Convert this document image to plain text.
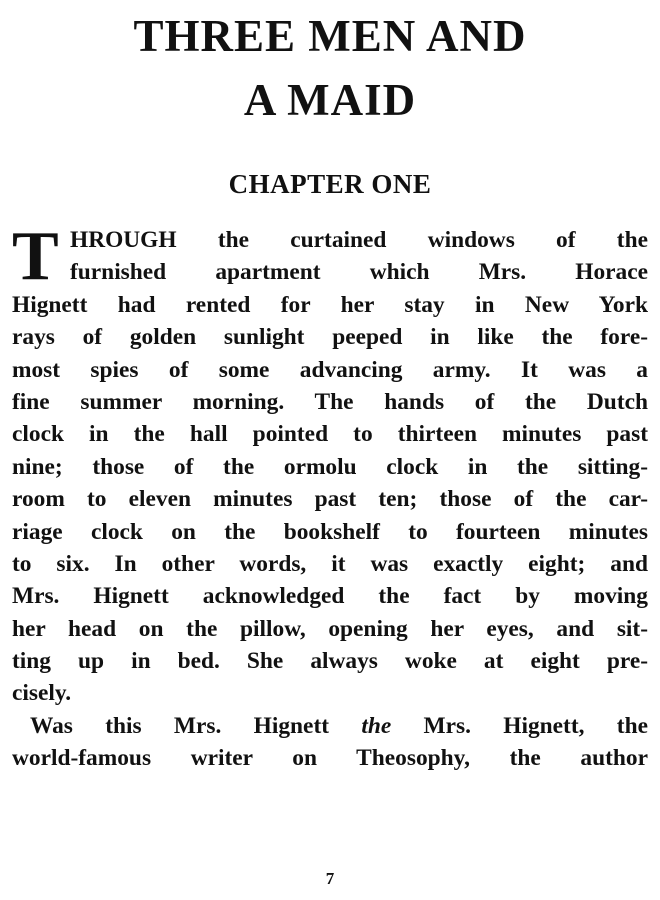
THREE MEN AND
A MAID
CHAPTER ONE
T HROUGH the curtained windows of the
furnished apartment which Mrs. Horace
Hignett had rented for her stay in New York
rays of golden sunlight peeped in like the fore-
most spies of some advancing army. It was a
fine summer morning. The hands of the Dutch
clock in the hall pointed to thirteen minutes past
nine; those of the ormolu clock in the sitting-
room to eleven minutes past ten; those of the car-
riage clock on the bookshelf to fourteen minutes
to six. In other words, it was exactly eight; and
Mrs. Hignett acknowledged the fact by moving
her head on the pillow, opening her eyes, and sit-
ting up in bed. She always woke at eight pre-
cisely.
Was this Mrs. Hignett the Mrs. Hignett, the
world-famous writer on Theosophy, the author
7
